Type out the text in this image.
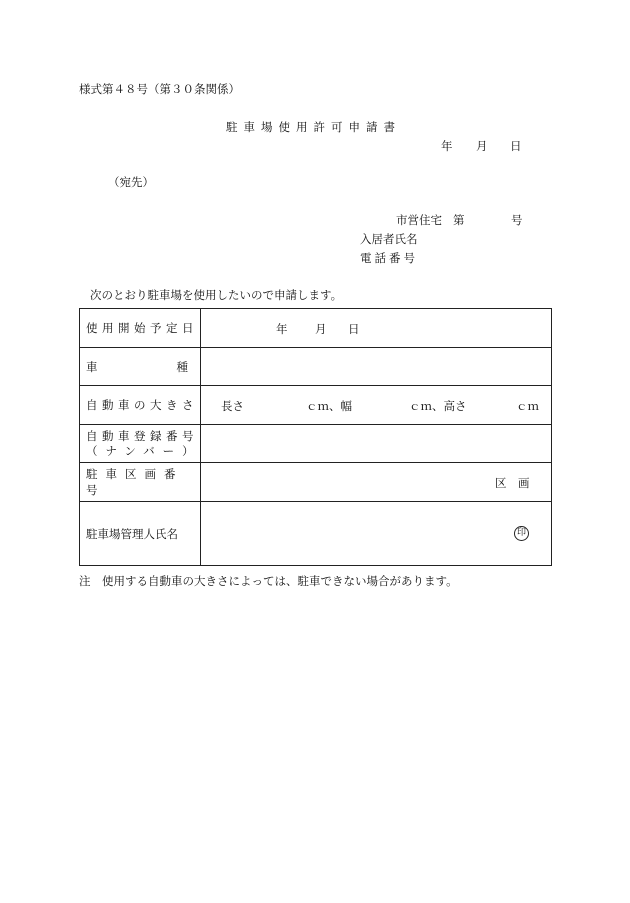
様式第４８号（第３０条関係）
駐車場使用許可申請書
年 月 日
（宛先）
市営住宅 第	号
入居者氏名
電話番号
次のとおり駐車場を使用したいので申請します。
使用開始予定日	年 月 日

車 種	

自動車の大きさ	長さ ｃｍ、幅 ｃｍ、高さ ｃｍ

自動車登録番号
（ナンバー）	

駐車区画番号	区　画

駐車場管理人氏名	印
注　使用する自動車の大きさによっては、駐車できない場合があります。
